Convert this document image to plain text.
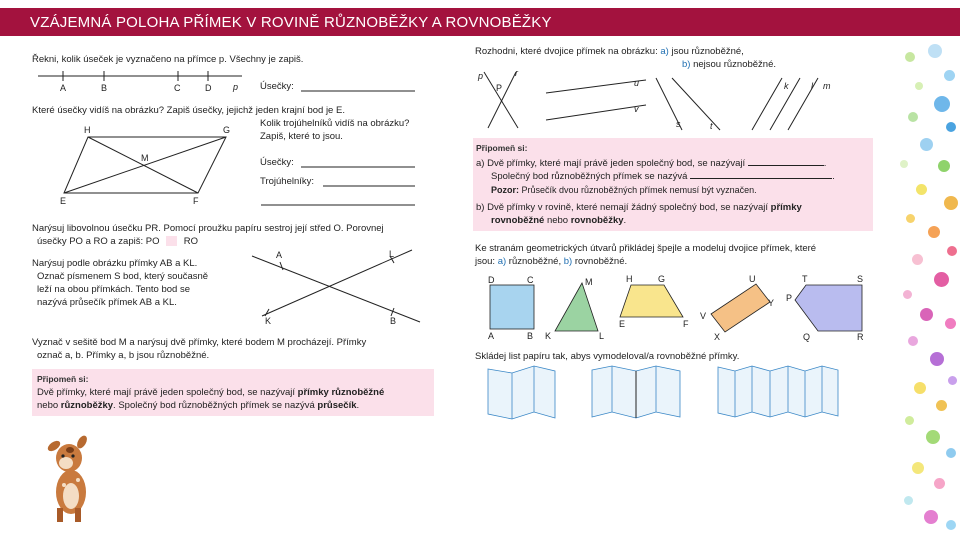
VZÁJEMNÁ POLOHA PŘÍMEK V ROVINĚ RŮZNOBĚŽKY A ROVNOBĚŽKY
Řekni, kolik úseček je vyznačeno na přímce p. Všechny je zapiš.
A	B	C	D p
H	G
M
E	F
A	L
K	B
Úsečky:
Které úsečky vidíš na obrázku? Zapiš úsečky, jejichž jeden krajní bod je E.
Kolik trojúhelníků vidíš na obrázku?
Zapiš, které to jsou.
Úsečky:
Trojúhelníky:
Narýsuj libovolnou úsečku PR. Pomocí proužku papíru sestroj její střed O. Porovnej
úsečky PO a RO a zapiš: PO	RO
Narýsuj podle obrázku přímky AB a KL.
Označ písmenem S bod, který současně
leží na obou přímkách. Tento bod se
nazývá průsečík přímek AB a KL.
Vyznač v sešitě bod M a narýsuj dvě přímky, které bodem M procházejí. Přímky
označ a, b. Přímky a, b jsou různoběžné.
Připomeň si:
Dvě přímky, které mají právě jeden společný bod, se nazývají přímky různoběžné
nebo různoběžky. Společný bod různoběžných přímek se nazývá průsečík.
Rozhodni, které dvojice přímek na obrázku: a) jsou různoběžné,
b) nejsou různoběžné.
p	r
P	u
v
s	t
k	l m
D	C
A	B
M
K	L
H	G
E	F
U
Y
V
X
T	S
P
Q	R
Připomeň si:
a) Dvě přímky, které mají právě jeden společný bod, se nazývají	.
Společný bod různoběžných přímek se nazývá	.
Pozor: Průsečík dvou různoběžných přímek nemusí být vyznačen.
b) Dvě přímky v rovině, které nemají žádný společný bod, se nazývají přímky
rovnoběžné nebo rovnoběžky.
Ke stranám geometrických útvarů přikládej špejle a modeluj dvojice přímek, které
jsou: a) různoběžné, b) rovnoběžné.
Skládej list papíru tak, abys vymodeloval/a rovnoběžné přímky.
